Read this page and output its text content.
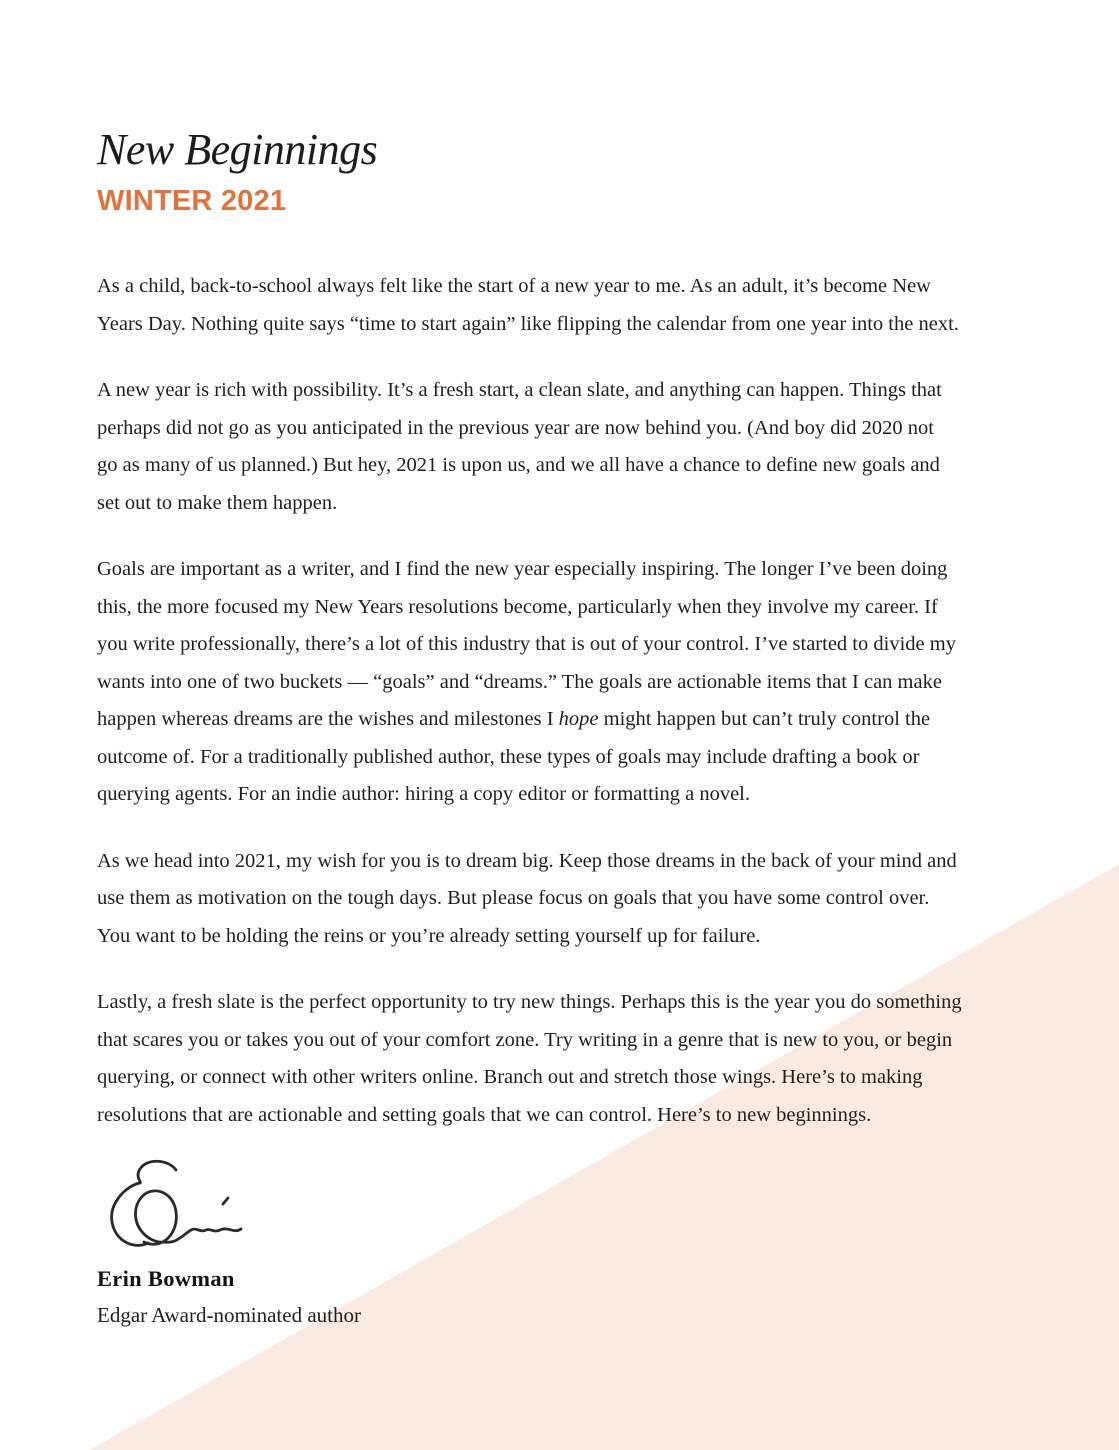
New Beginnings
WINTER 2021
As a child, back-to-school always felt like the start of a new year to me. As an adult, it’s become New
Years Day. Nothing quite says “time to start again” like flipping the calendar from one year into the next.
A new year is rich with possibility. It’s a fresh start, a clean slate, and anything can happen. Things that
perhaps did not go as you anticipated in the previous year are now behind you. (And boy did 2020 not
go as many of us planned.) But hey, 2021 is upon us, and we all have a chance to define new goals and
set out to make them happen.
Goals are important as a writer, and I find the new year especially inspiring. The longer I’ve been doing
this, the more focused my New Years resolutions become, particularly when they involve my career. If
you write professionally, there’s a lot of this industry that is out of your control. I’ve started to divide my
wants into one of two buckets — “goals” and “dreams.” The goals are actionable items that I can make
happen whereas dreams are the wishes and milestones I hope might happen but can’t truly control the
outcome of. For a traditionally published author, these types of goals may include drafting a book or
querying agents. For an indie author: hiring a copy editor or formatting a novel.
As we head into 2021, my wish for you is to dream big. Keep those dreams in the back of your mind and
use them as motivation on the tough days. But please focus on goals that you have some control over.
You want to be holding the reins or you’re already setting yourself up for failure.
Lastly, a fresh slate is the perfect opportunity to try new things. Perhaps this is the year you do something
that scares you or takes you out of your comfort zone. Try writing in a genre that is new to you, or begin
querying, or connect with other writers online. Branch out and stretch those wings. Here’s to making
resolutions that are actionable and setting goals that we can control. Here’s to new beginnings.
Erin Bowman
Edgar Award-nominated author
